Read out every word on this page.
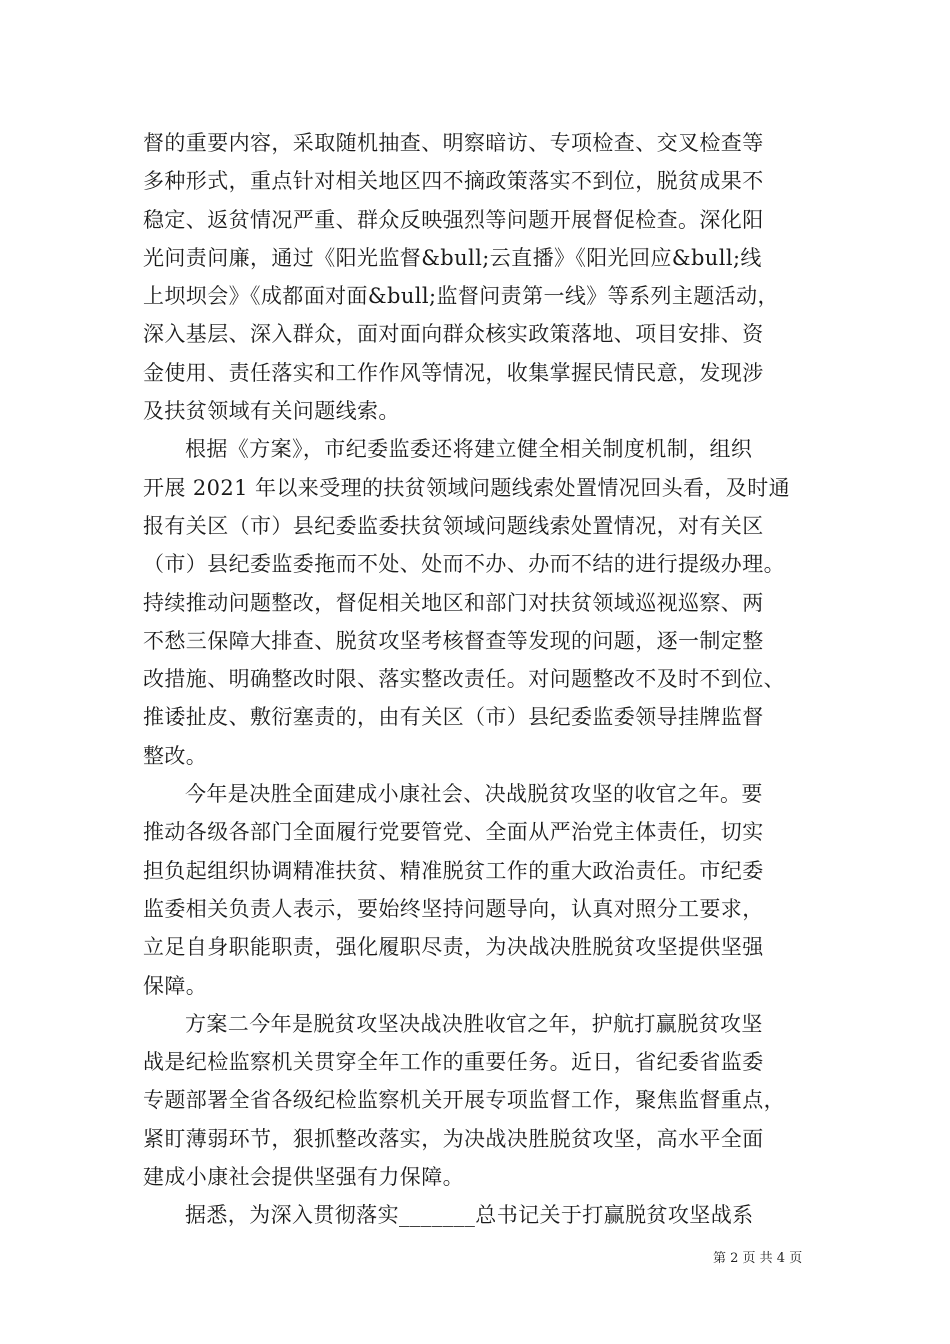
督的重要内容，采取随机抽查、明察暗访、专项检查、交叉检查等
多种形式，重点针对相关地区四不摘政策落实不到位，脱贫成果不
稳定、返贫情况严重、群众反映强烈等问题开展督促检查。深化阳
光问责问廉，通过《阳光监督&bull;云直播》《阳光回应&bull;线
上坝坝会》《成都面对面&bull;监督问责第一线》等系列主题活动，
深入基层、深入群众，面对面向群众核实政策落地、项目安排、资
金使用、责任落实和工作作风等情况，收集掌握民情民意，发现涉
及扶贫领域有关问题线索。
根据《方案》，市纪委监委还将建立健全相关制度机制，组织
开展 2021 年以来受理的扶贫领域问题线索处置情况回头看，及时通
报有关区（市）县纪委监委扶贫领域问题线索处置情况，对有关区
（市）县纪委监委拖而不处、处而不办、办而不结的进行提级办理。
持续推动问题整改，督促相关地区和部门对扶贫领域巡视巡察、两
不愁三保障大排查、脱贫攻坚考核督查等发现的问题，逐一制定整
改措施、明确整改时限、落实整改责任。对问题整改不及时不到位、
推诿扯皮、敷衍塞责的，由有关区（市）县纪委监委领导挂牌监督
整改。
今年是决胜全面建成小康社会、决战脱贫攻坚的收官之年。要
推动各级各部门全面履行党要管党、全面从严治党主体责任，切实
担负起组织协调精准扶贫、精准脱贫工作的重大政治责任。市纪委
监委相关负责人表示，要始终坚持问题导向，认真对照分工要求，
立足自身职能职责，强化履职尽责，为决战决胜脱贫攻坚提供坚强
保障。
方案二今年是脱贫攻坚决战决胜收官之年，护航打赢脱贫攻坚
战是纪检监察机关贯穿全年工作的重要任务。近日，省纪委省监委
专题部署全省各级纪检监察机关开展专项监督工作，聚焦监督重点，
紧盯薄弱环节，狠抓整改落实，为决战决胜脱贫攻坚，高水平全面
建成小康社会提供坚强有力保障。
据悉，为深入贯彻落实_______总书记关于打赢脱贫攻坚战系
第 2 页 共 4 页
